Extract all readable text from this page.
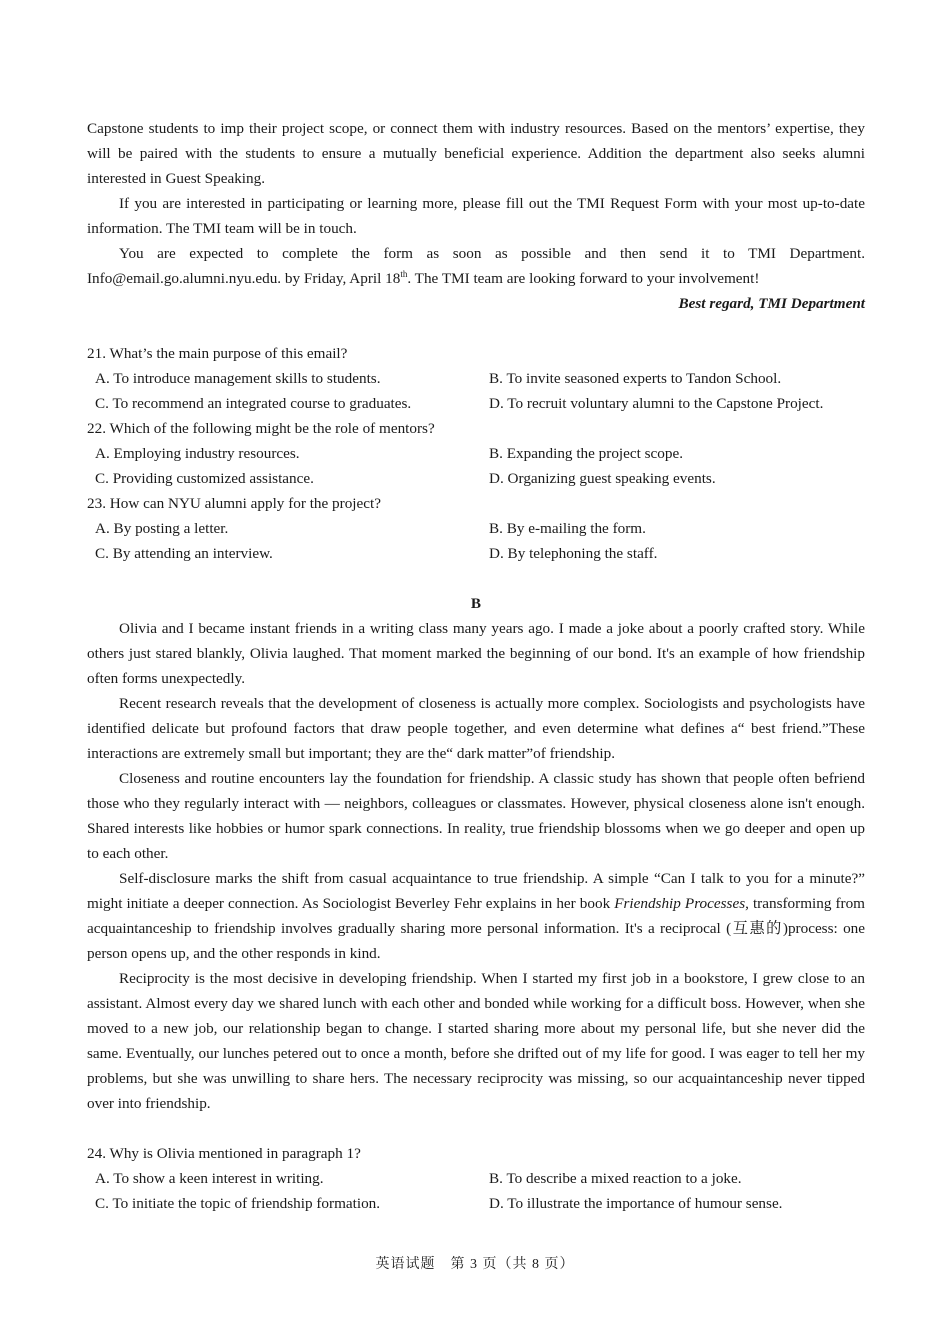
Capstone students to imp their project scope, or connect them with industry resources. Based on the mentors’ expertise, they will be paired with the students to ensure a mutually beneficial experience. Addition the department also seeks alumni interested in Guest Speaking.

If you are interested in participating or learning more, please fill out the TMI Request Form with your most up-to-date information. The TMI team will be in touch.

You are expected to complete the form as soon as possible and then send it to TMI Department. Info@email.go.alumni.nyu.edu. by Friday, April 18th. The TMI team are looking forward to your involvement!

Best regard, TMI Department
21. What’s the main purpose of this email?
A. To introduce management skills to students.	B. To invite seasoned experts to Tandon School.
C. To recommend an integrated course to graduates.	D. To recruit voluntary alumni to the Capstone Project.
22. Which of the following might be the role of mentors?
A. Employing industry resources.	B. Expanding the project scope.
C. Providing customized assistance.	D. Organizing guest speaking events.
23. How can NYU alumni apply for the project?
A. By posting a letter.	B. By e-mailing the form.
C. By attending an interview.	D. By telephoning the staff.
B

Olivia and I became instant friends in a writing class many years ago. I made a joke about a poorly crafted story. While others just stared blankly, Olivia laughed. That moment marked the beginning of our bond. It's an example of how friendship often forms unexpectedly.

Recent research reveals that the development of closeness is actually more complex. Sociologists and psychologists have identified delicate but profound factors that draw people together, and even determine what defines a“ best friend.”These interactions are extremely small but important; they are the“ dark matter”of friendship.

Closeness and routine encounters lay the foundation for friendship. A classic study has shown that people often befriend those who they regularly interact with — neighbors, colleagues or classmates. However, physical closeness alone isn't enough. Shared interests like hobbies or humor spark connections. In reality, true friendship blossoms when we go deeper and open up to each other.

Self-disclosure marks the shift from casual acquaintance to true friendship. A simple “Can I talk to you for a minute?” might initiate a deeper connection. As Sociologist Beverley Fehr explains in her book Friendship Processes, transforming from acquaintanceship to friendship involves gradually sharing more personal information. It's a reciprocal (互惠的)process: one person opens up, and the other responds in kind.

Reciprocity is the most decisive in developing friendship. When I started my first job in a bookstore, I grew close to an assistant. Almost every day we shared lunch with each other and bonded while working for a difficult boss. However, when she moved to a new job, our relationship began to change. I started sharing more about my personal life, but she never did the same. Eventually, our lunches petered out to once a month, before she drifted out of my life for good. I was eager to tell her my problems, but she was unwilling to share hers. The necessary reciprocity was missing, so our acquaintanceship never tipped over into friendship.

24. Why is Olivia mentioned in paragraph 1?
A. To show a keen interest in writing.	B. To describe a mixed reaction to a joke.
C. To initiate the topic of friendship formation.	D. To illustrate the importance of humour sense.
英语试题　第 3 页（共 8 页）
